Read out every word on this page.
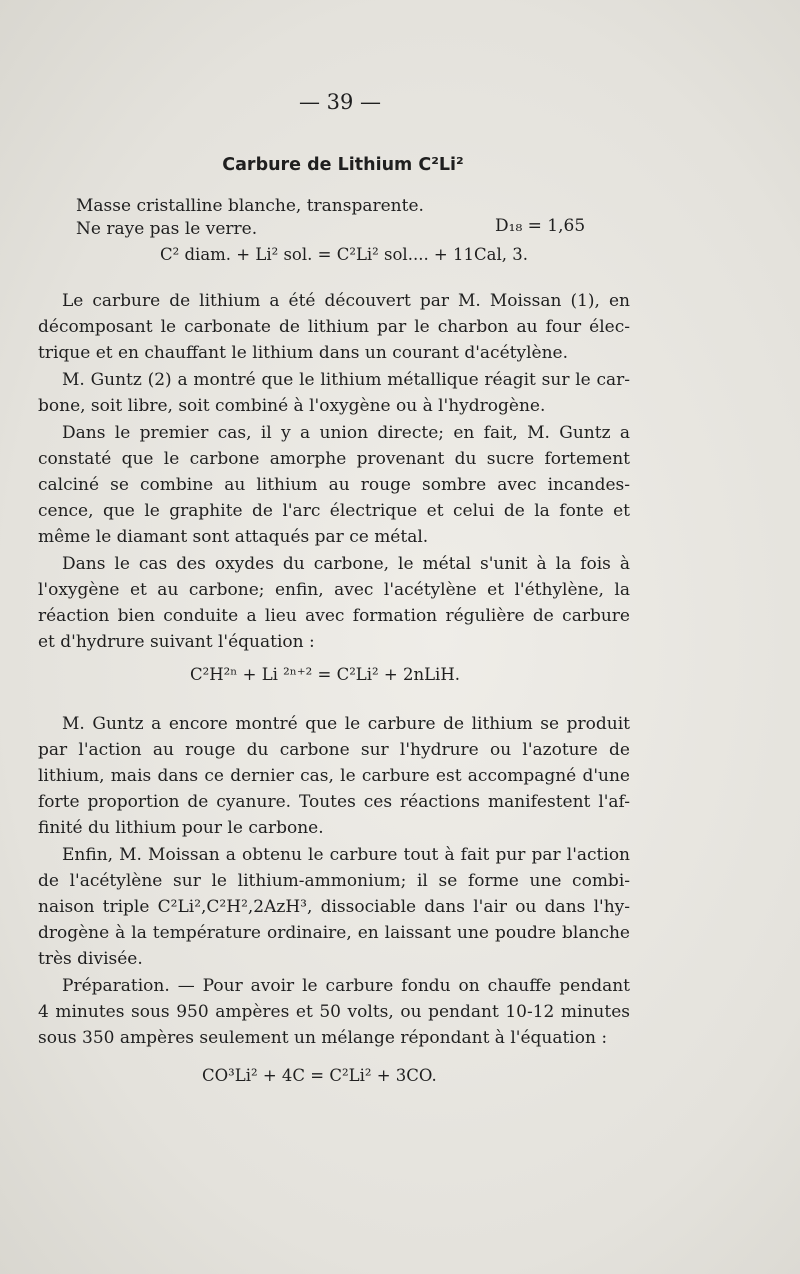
— 39 —
Carbure de Lithium C²Li²
Masse cristalline blanche, transparente.
Ne raye pas le verre.	D₁₈ = 1,65
C² diam. + Li² sol. = C²Li² sol.... + 11Cal, 3.
Le carbure de lithium a été découvert par M. Moissan (1), en
décomposant le carbonate de lithium par le charbon au four élec-
trique et en chauffant le lithium dans un courant d'acétylène.
M. Guntz (2) a montré que le lithium métallique réagit sur le car-
bone, soit libre, soit combiné à l'oxygène ou à l'hydrogène.
Dans le premier cas, il y a union directe; en fait, M. Guntz a
constaté que le carbone amorphe provenant du sucre fortement
calciné se combine au lithium au rouge sombre avec incandes-
cence, que le graphite de l'arc électrique et celui de la fonte et
même le diamant sont attaqués par ce métal.
Dans le cas des oxydes du carbone, le métal s'unit à la fois à
l'oxygène et au carbone; enfin, avec l'acétylène et l'éthylène, la
réaction bien conduite a lieu avec formation régulière de carbure
et d'hydrure suivant l'équation :
C²H²ⁿ + Li ²ⁿ⁺² = C²Li² + 2nLiH.
M. Guntz a encore montré que le carbure de lithium se produit
par l'action au rouge du carbone sur l'hydrure ou l'azoture de
lithium, mais dans ce dernier cas, le carbure est accompagné d'une
forte proportion de cyanure. Toutes ces réactions manifestent l'af-
finité du lithium pour le carbone.
Enfin, M. Moissan a obtenu le carbure tout à fait pur par l'action
de l'acétylène sur le lithium-ammonium; il se forme une combi-
naison triple C²Li²,C²H²,2AzH³, dissociable dans l'air ou dans l'hy-
drogène à la température ordinaire, en laissant une poudre blanche
très divisée.
Préparation. — Pour avoir le carbure fondu on chauffe pendant
4 minutes sous 950 ampères et 50 volts, ou pendant 10-12 minutes
sous 350 ampères seulement un mélange répondant à l'équation :
CO³Li² + 4C = C²Li² + 3CO.
